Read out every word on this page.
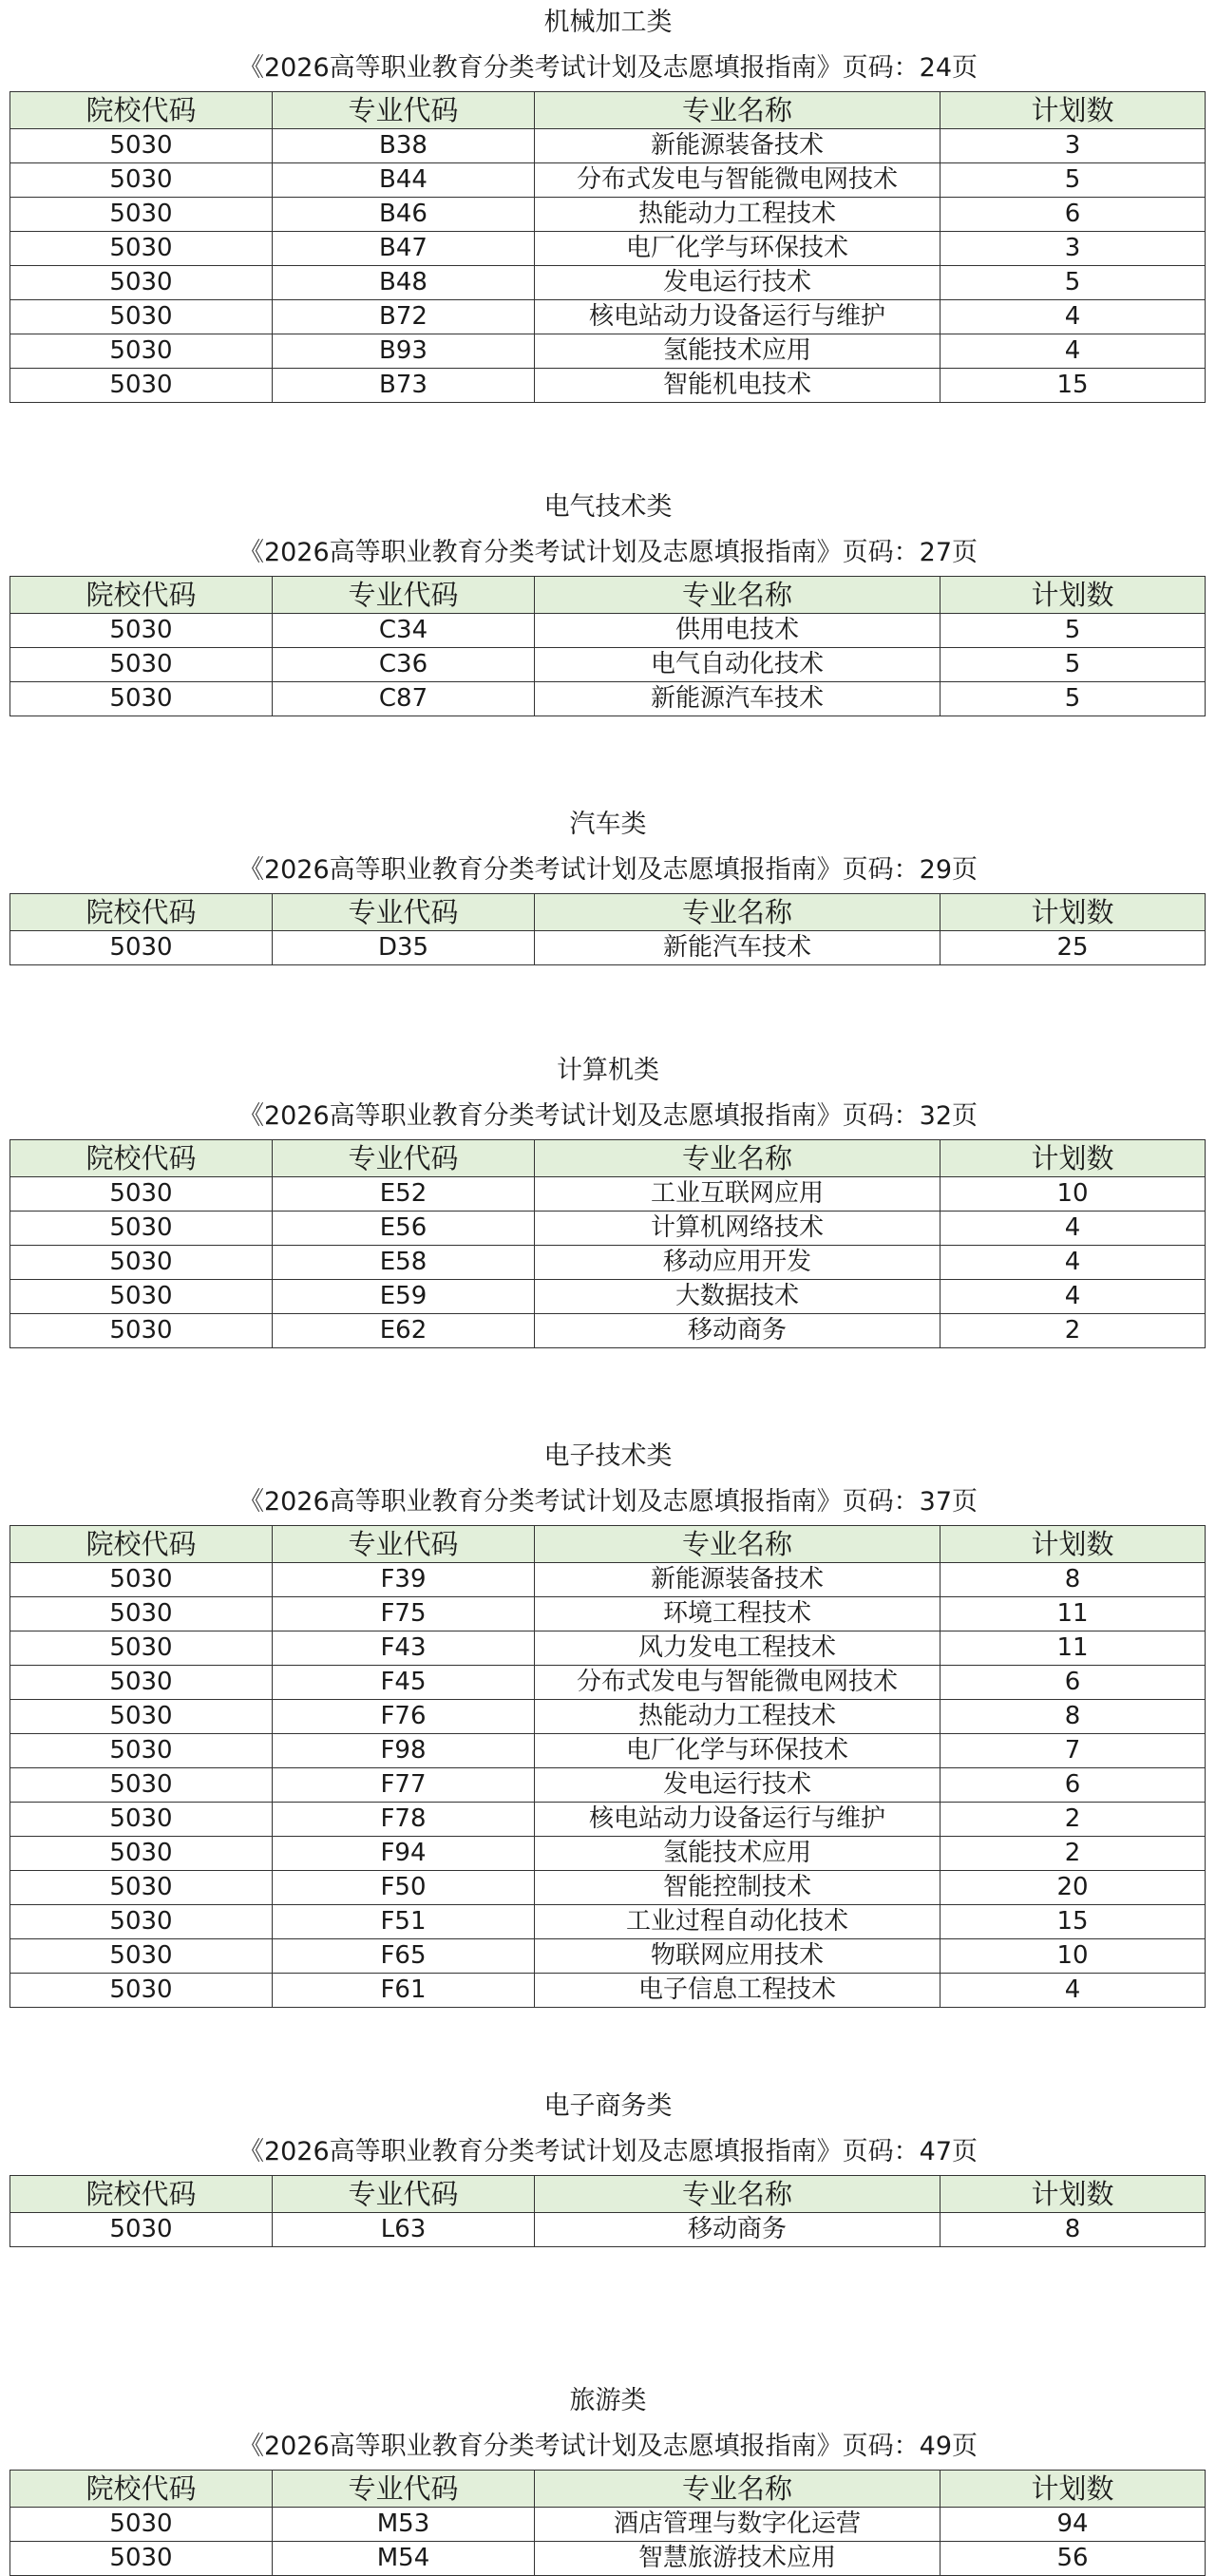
机械加工类
《2026高等职业教育分类考试计划及志愿填报指南》页码：24页
院校代码	专业代码	专业名称	计划数
5030	B38	新能源装备技术	3
5030	B44	分布式发电与智能微电网技术	5
5030	B46	热能动力工程技术	6
5030	B47	电厂化学与环保技术	3
5030	B48	发电运行技术	5
5030	B72	核电站动力设备运行与维护	4
5030	B93	氢能技术应用	4
5030	B73	智能机电技术	15
电气技术类
《2026高等职业教育分类考试计划及志愿填报指南》页码：27页
院校代码	专业代码	专业名称	计划数
5030	C34	供用电技术	5
5030	C36	电气自动化技术	5
5030	C87	新能源汽车技术	5
汽车类
《2026高等职业教育分类考试计划及志愿填报指南》页码：29页
院校代码	专业代码	专业名称	计划数
5030	D35	新能汽车技术	25
计算机类
《2026高等职业教育分类考试计划及志愿填报指南》页码：32页
院校代码	专业代码	专业名称	计划数
5030	E52	工业互联网应用	10
5030	E56	计算机网络技术	4
5030	E58	移动应用开发	4
5030	E59	大数据技术	4
5030	E62	移动商务	2
电子技术类
《2026高等职业教育分类考试计划及志愿填报指南》页码：37页
院校代码	专业代码	专业名称	计划数
5030	F39	新能源装备技术	8
5030	F75	环境工程技术	11
5030	F43	风力发电工程技术	11
5030	F45	分布式发电与智能微电网技术	6
5030	F76	热能动力工程技术	8
5030	F98	电厂化学与环保技术	7
5030	F77	发电运行技术	6
5030	F78	核电站动力设备运行与维护	2
5030	F94	氢能技术应用	2
5030	F50	智能控制技术	20
5030	F51	工业过程自动化技术	15
5030	F65	物联网应用技术	10
5030	F61	电子信息工程技术	4
电子商务类
《2026高等职业教育分类考试计划及志愿填报指南》页码：47页
院校代码	专业代码	专业名称	计划数
5030	L63	移动商务	8
旅游类
《2026高等职业教育分类考试计划及志愿填报指南》页码：49页
院校代码	专业代码	专业名称	计划数
5030	M53	酒店管理与数字化运营	94
5030	M54	智慧旅游技术应用	56
